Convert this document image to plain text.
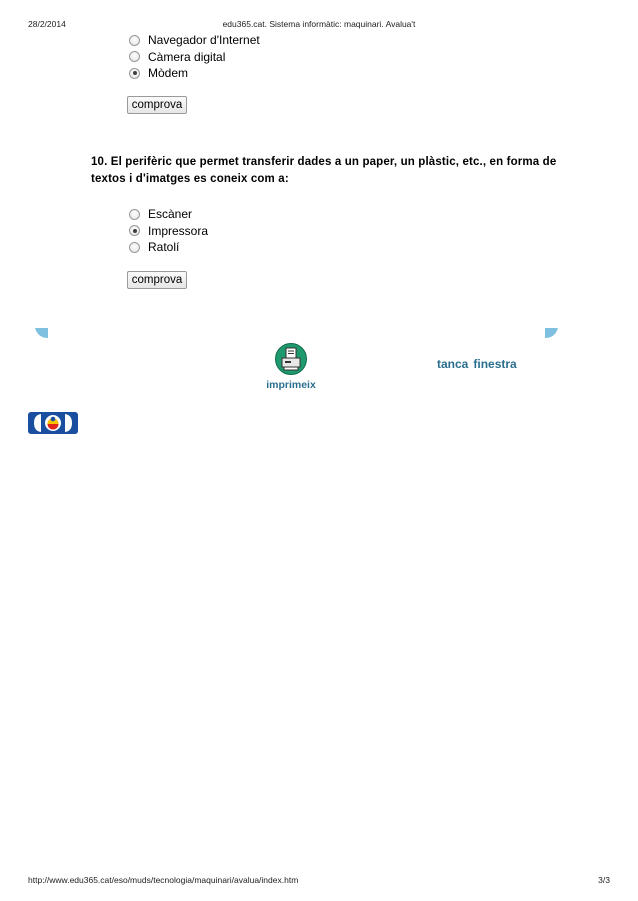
28/2/2014	edu365.cat. Sistema informàtic: maquinari. Avalua't
Navegador d'Internet
Càmera digital
Mòdem
comprova
10. El perifèric que permet transferir dades a un paper, un plàstic, etc., en forma de textos i d'imatges es coneix com a:
Escàner
Impressora
Ratolí
comprova
imprimeix
tanca finestra
http://www.edu365.cat/eso/muds/tecnologia/maquinari/avalua/index.htm	3/3
